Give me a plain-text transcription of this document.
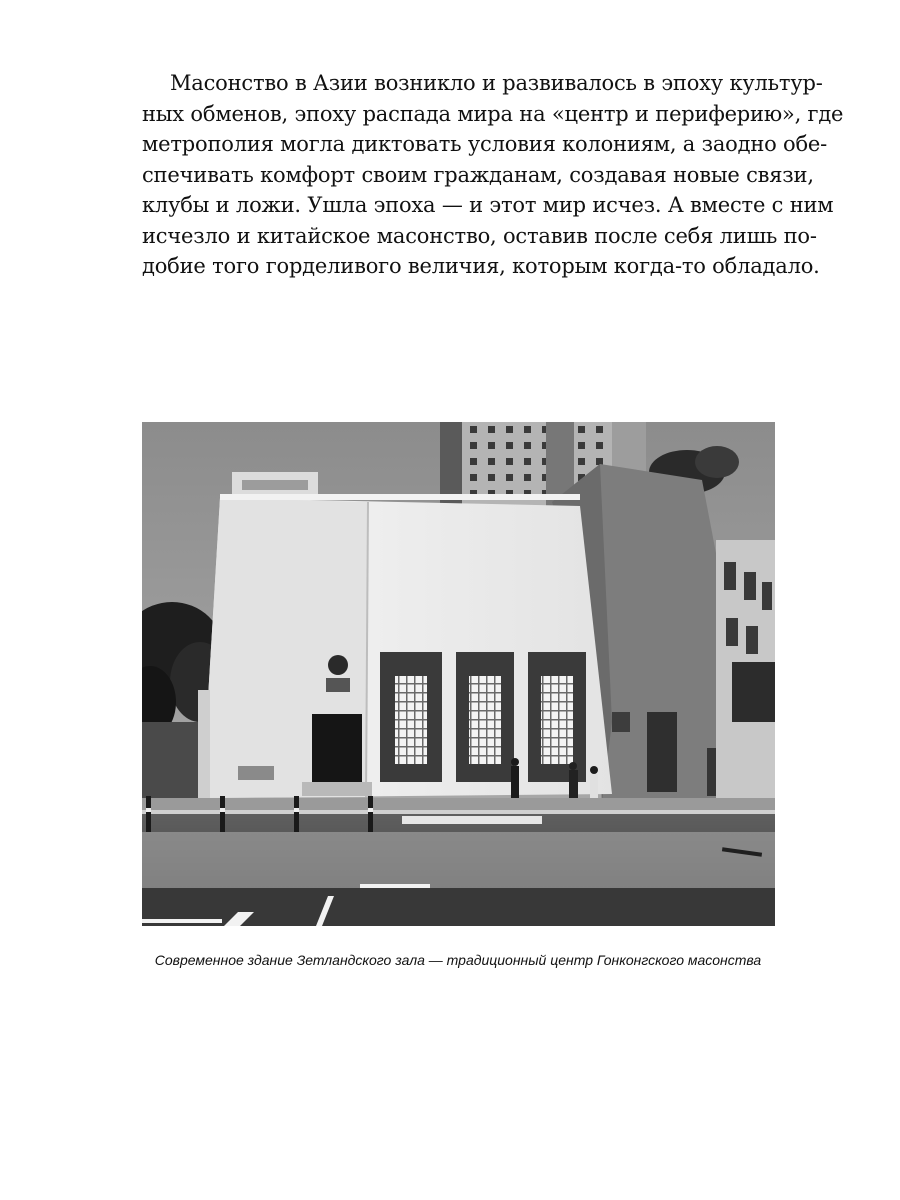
Масонство в Азии возникло и развивалось в эпоху культур-
ных обменов, эпоху распада мира на «центр и периферию», где
метрополия могла диктовать условия колониям, а заодно обе-
спечивать комфорт своим гражданам, создавая новые связи,
клубы и ложи. Ушла эпоха — и этот мир исчез. А вместе с ним
исчезло и китайское масонство, оставив после себя лишь по-
добие того горделивого величия, которым когда-то обладало.
Современное здание Зетландского зала — традиционный центр Гонконгского масонства
